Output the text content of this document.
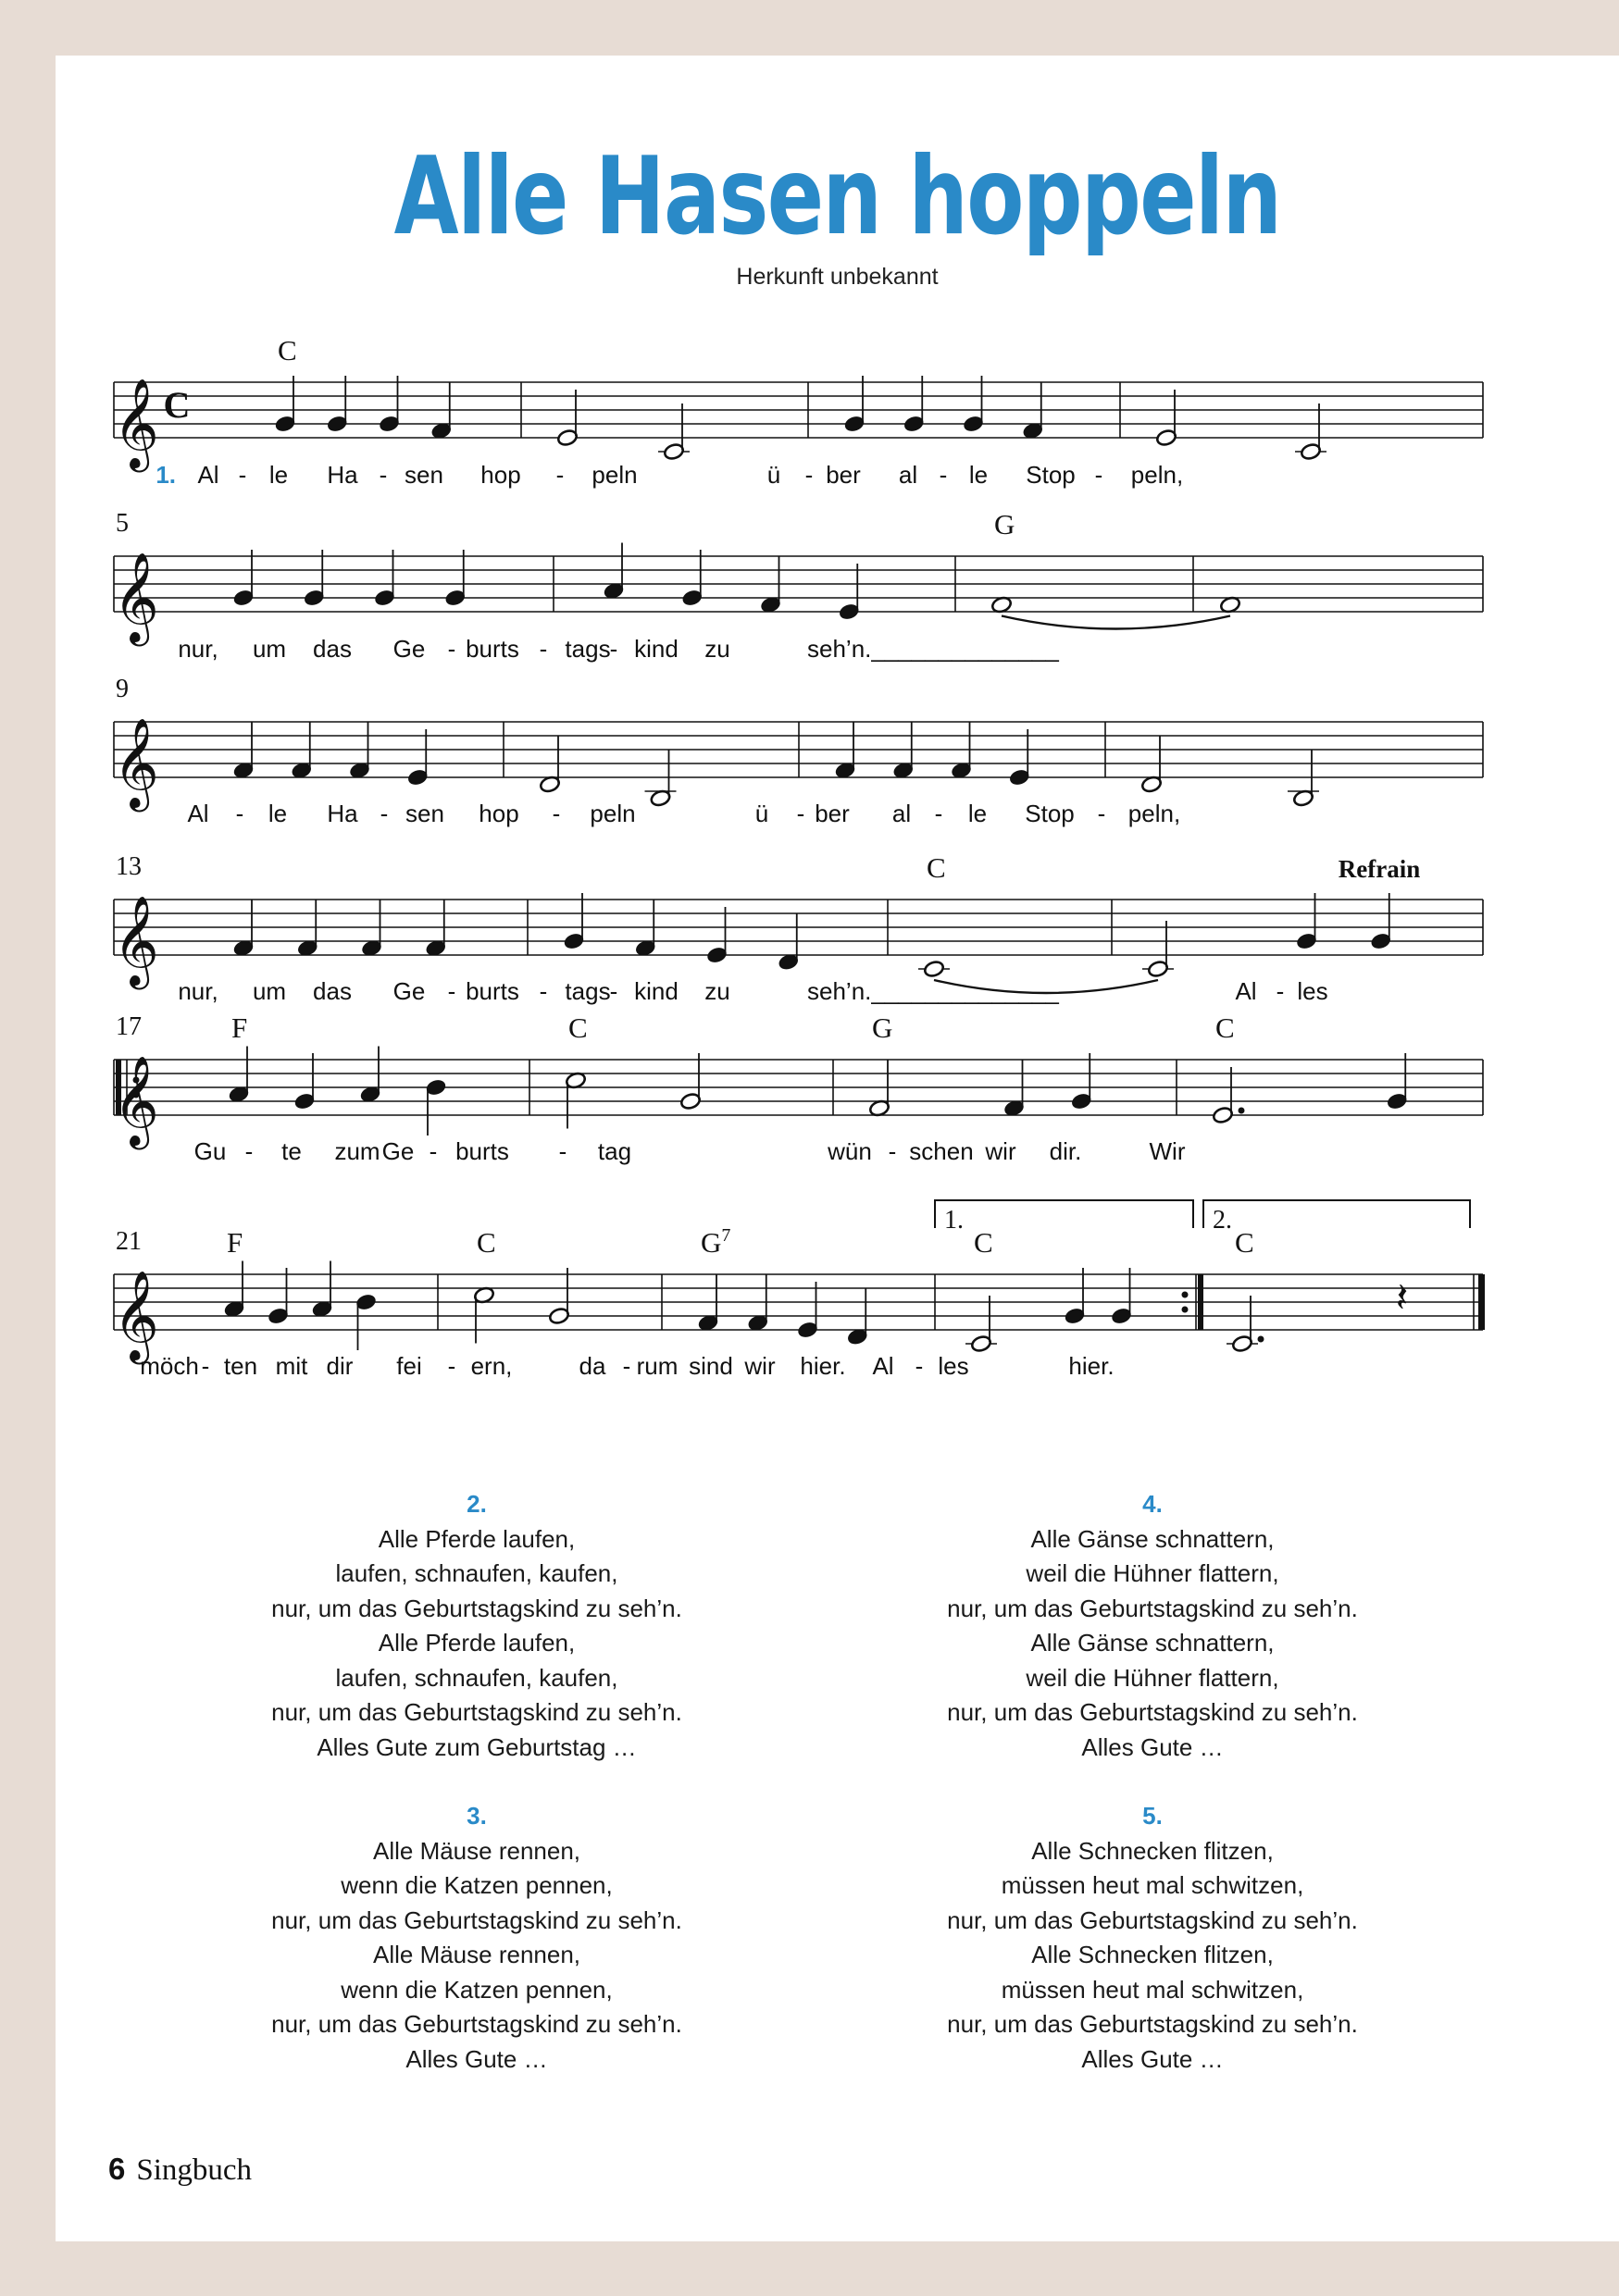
Alle Hasen hoppeln
Herkunft unbekannt
𝄞 C
C
1. Al - le Ha - sen hop - peln	ü - ber al - le Stop - peln,
𝄞
5	G
nur, um das Ge - burts - tags - kind zu	seh’n.______________
𝄞
9
Al - le Ha - sen hop - peln	ü - ber al - le Stop - peln,
𝄞
13	C	Refrain
nur, um das Ge - burts - tags - kind zu	seh’n.______________	Al - les
𝄞
17	F	C	G	C
Gu - te zum Ge - burts - tag	wün - schen wir dir.	Wir
𝄞
21
1.	2.
𝄽
F	C	$G^7$	C	C
möch - ten mit dir fei - ern,	da - rum sind wir hier. Al - les	hier.
2.
Alle Pferde laufen,
laufen, schnaufen, kaufen,
nur, um das Geburtstagskind zu seh’n.
Alle Pferde laufen,
laufen, schnaufen, kaufen,
nur, um das Geburtstagskind zu seh’n.
Alles Gute zum Geburtstag …
4.
Alle Gänse schnattern,
weil die Hühner flattern,
nur, um das Geburtstagskind zu seh’n.
Alle Gänse schnattern,
weil die Hühner flattern,
nur, um das Geburtstagskind zu seh’n.
Alles Gute …
3.
Alle Mäuse rennen,
wenn die Katzen pennen,
nur, um das Geburtstagskind zu seh’n.
Alle Mäuse rennen,
wenn die Katzen pennen,
nur, um das Geburtstagskind zu seh’n.
Alles Gute …
5.
Alle Schnecken flitzen,
müssen heut mal schwitzen,
nur, um das Geburtstagskind zu seh’n.
Alle Schnecken flitzen,
müssen heut mal schwitzen,
nur, um das Geburtstagskind zu seh’n.
Alles Gute …
6 Singbuch
